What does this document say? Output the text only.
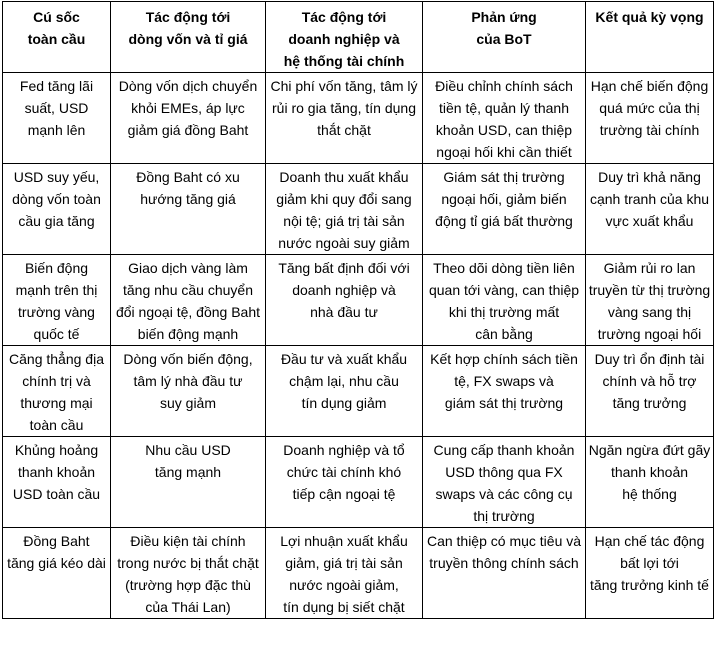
Cú sốc
toàn cầu	Tác động tới
dòng vốn và tỉ giá	Tác động tới
doanh nghiệp và
hệ thống tài chính	Phản ứng
của BoT	Kết quả kỳ vọng

Fed tăng lãi
suất, USD
mạnh lên	Dòng vốn dịch chuyển
khỏi EMEs, áp lực
giảm giá đồng Baht	Chi phí vốn tăng, tâm lý
rủi ro gia tăng, tín dụng
thắt chặt	Điều chỉnh chính sách
tiền tệ, quản lý thanh
khoản USD, can thiệp
ngoại hối khi cần thiết	Hạn chế biến động
quá mức của thị
trường tài chính

USD suy yếu,
dòng vốn toàn
cầu gia tăng	Đồng Baht có xu
hướng tăng giá	Doanh thu xuất khẩu
giảm khi quy đổi sang
nội tệ; giá trị tài sản
nước ngoài suy giảm	Giám sát thị trường
ngoại hối, giảm biến
động tỉ giá bất thường	Duy trì khả năng
cạnh tranh của khu
vực xuất khẩu

Biến động
mạnh trên thị
trường vàng
quốc tế	Giao dịch vàng làm
tăng nhu cầu chuyển
đổi ngoại tệ, đồng Baht
biến động mạnh	Tăng bất định đối với
doanh nghiệp và
nhà đầu tư	Theo dõi dòng tiền liên
quan tới vàng, can thiệp
khi thị trường mất
cân bằng	Giảm rủi ro lan
truyền từ thị trường
vàng sang thị
trường ngoại hối

Căng thẳng địa
chính trị và
thương mại
toàn cầu	Dòng vốn biến động,
tâm lý nhà đầu tư
suy giảm	Đầu tư và xuất khẩu
chậm lại, nhu cầu
tín dụng giảm	Kết hợp chính sách tiền
tệ, FX swaps và
giám sát thị trường	Duy trì ổn định tài
chính và hỗ trợ
tăng trưởng

Khủng hoảng
thanh khoản
USD toàn cầu	Nhu cầu USD
tăng mạnh	Doanh nghiệp và tổ
chức tài chính khó
tiếp cận ngoại tệ	Cung cấp thanh khoản
USD thông qua FX
swaps và các công cụ
thị trường	Ngăn ngừa đứt gãy
thanh khoản
hệ thống

Đồng Baht
tăng giá kéo dài	Điều kiện tài chính
trong nước bị thắt chặt
(trường hợp đặc thù
của Thái Lan)	Lợi nhuận xuất khẩu
giảm, giá trị tài sản
nước ngoài giảm,
tín dụng bị siết chặt	Can thiệp có mục tiêu và
truyền thông chính sách	Hạn chế tác động
bất lợi tới
tăng trưởng kinh tế
